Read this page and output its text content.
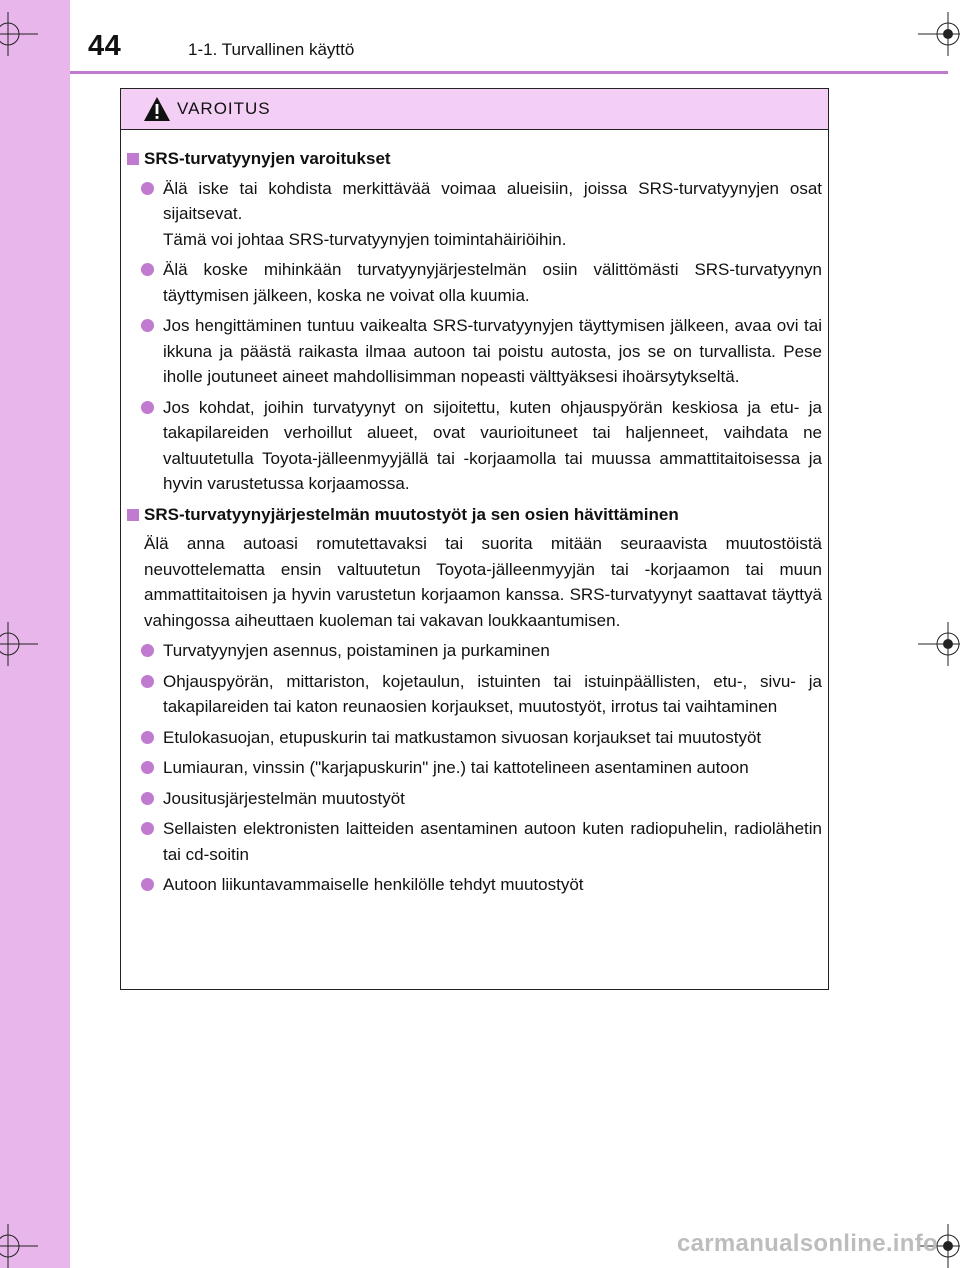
44	1-1. Turvallinen käyttö
VAROITUS
SRS-turvatyynyjen varoitukset

Älä iske tai kohdista merkittävää voimaa alueisiin, joissa SRS-turvatyynyjen osat sijaitsevat.

Tämä voi johtaa SRS-turvatyynyjen toimintahäiriöihin.

Älä koske mihinkään turvatyynyjärjestelmän osiin välittömästi SRS-turvatyynyn täyttymisen jälkeen, koska ne voivat olla kuumia.

Jos hengittäminen tuntuu vaikealta SRS-turvatyynyjen täyttymisen jälkeen, avaa ovi tai ikkuna ja päästä raikasta ilmaa autoon tai poistu autosta, jos se on turvallista. Pese iholle joutuneet aineet mahdollisimman nopeasti välttyäksesi ihoärsytykseltä.

Jos kohdat, joihin turvatyynyt on sijoitettu, kuten ohjauspyörän keskiosa ja etu- ja takapilareiden verhoillut alueet, ovat vaurioituneet tai haljenneet, vaihdata ne valtuutetulla Toyota-jälleenmyyjällä tai -korjaamolla tai muussa ammattitaitoisessa ja hyvin varustetussa korjaamossa.

SRS-turvatyynyjärjestelmän muutostyöt ja sen osien hävittäminen
Älä anna autoasi romutettavaksi tai suorita mitään seuraavista muutostöistä neuvottelematta ensin valtuutetun Toyota-jälleenmyyjän tai -korjaamon tai muun ammattitaitoisen ja hyvin varustetun korjaamon kanssa. SRS-turvatyynyt saattavat täyttyä vahingossa aiheuttaen kuoleman tai vakavan loukkaantumisen.

Turvatyynyjen asennus, poistaminen ja purkaminen

Ohjauspyörän, mittariston, kojetaulun, istuinten tai istuinpäällisten, etu-, sivu- ja takapilareiden tai katon reunaosien korjaukset, muutostyöt, irrotus tai vaihtaminen

Etulokasuojan, etupuskurin tai matkustamon sivuosan korjaukset tai muutostyöt

Lumiauran, vinssin ("karjapuskurin" jne.) tai kattotelineen asentaminen autoon

Jousitusjärjestelmän muutostyöt

Sellaisten elektronisten laitteiden asentaminen autoon kuten radiopuhelin, radiolähetin tai cd-soitin

Autoon liikuntavammaiselle henkilölle tehdyt muutostyöt

carmanualsonline.info
